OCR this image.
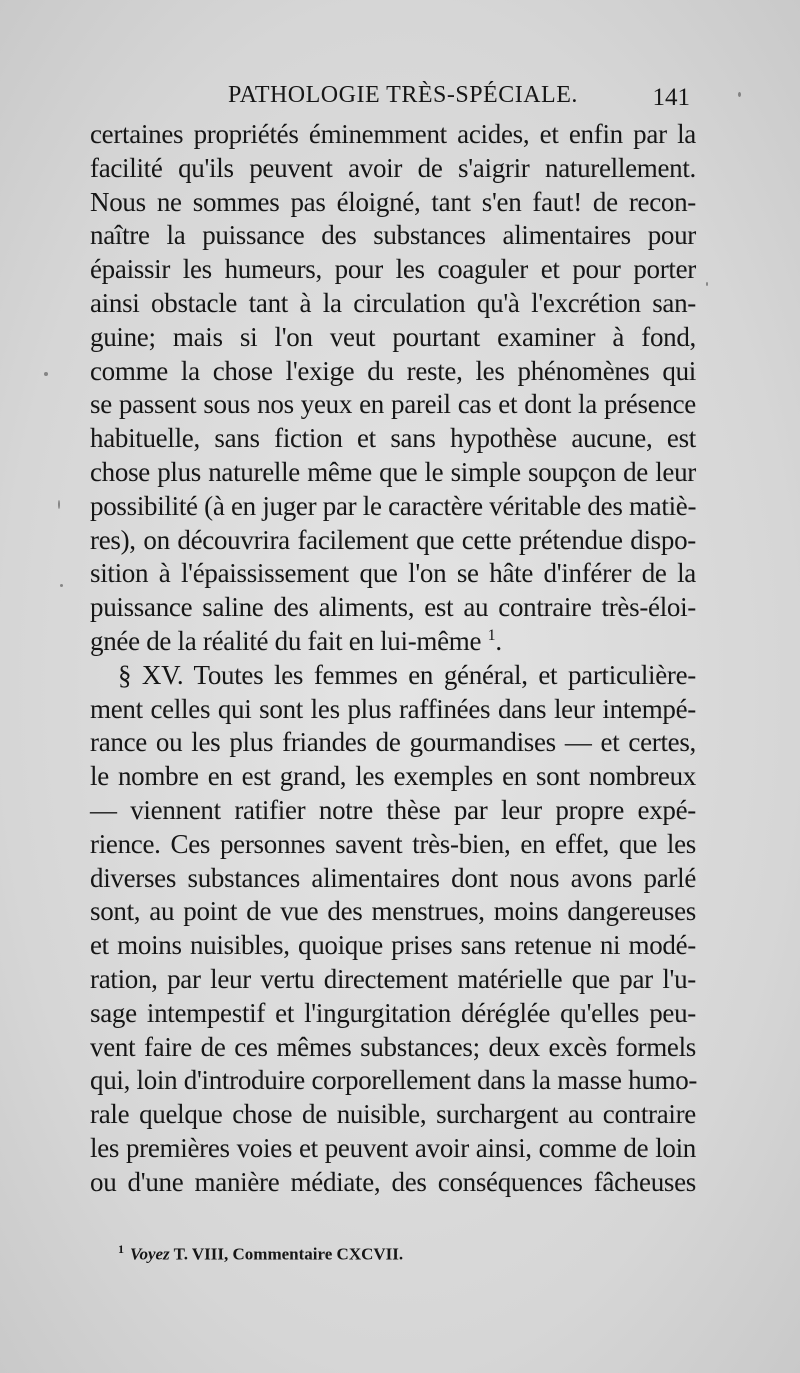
PATHOLOGIE TRÈS-SPÉCIALE.	141
certaines propriétés éminemment acides, et enfin par la
facilité qu'ils peuvent avoir de s'aigrir naturellement.
Nous ne sommes pas éloigné, tant s'en faut! de recon-
naître la puissance des substances alimentaires pour
épaissir les humeurs, pour les coaguler et pour porter
ainsi obstacle tant à la circulation qu'à l'excrétion san-
guine; mais si l'on veut pourtant examiner à fond,
comme la chose l'exige du reste, les phénomènes qui
se passent sous nos yeux en pareil cas et dont la présence
habituelle, sans fiction et sans hypothèse aucune, est
chose plus naturelle même que le simple soupçon de leur
possibilité (à en juger par le caractère véritable des matiè-
res), on découvrira facilement que cette prétendue dispo-
sition à l'épaississement que l'on se hâte d'inférer de la
puissance saline des aliments, est au contraire très-éloi-
gnée de la réalité du fait en lui-même $^1$.
§ XV. Toutes les femmes en général, et particulière-
ment celles qui sont les plus raffinées dans leur intempé-
rance ou les plus friandes de gourmandises — et certes,
le nombre en est grand, les exemples en sont nombreux
— viennent ratifier notre thèse par leur propre expé-
rience. Ces personnes savent très-bien, en effet, que les
diverses substances alimentaires dont nous avons parlé
sont, au point de vue des menstrues, moins dangereuses
et moins nuisibles, quoique prises sans retenue ni modé-
ration, par leur vertu directement matérielle que par l'u-
sage intempestif et l'ingurgitation déréglée qu'elles peu-
vent faire de ces mêmes substances; deux excès formels
qui, loin d'introduire corporellement dans la masse humo-
rale quelque chose de nuisible, surchargent au contraire
les premières voies et peuvent avoir ainsi, comme de loin
ou d'une manière médiate, des conséquences fâcheuses
$^1$ Voyez T. VIII, Commentaire CXCVII.
